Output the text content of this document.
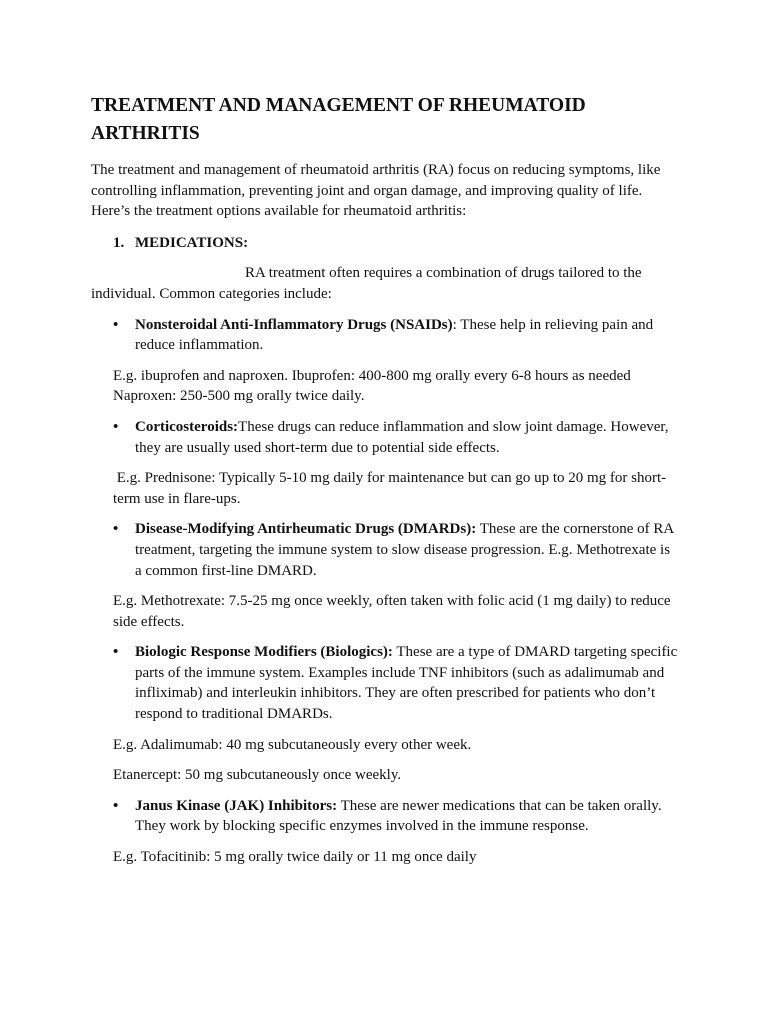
TREATMENT AND MANAGEMENT OF RHEUMATOID ARTHRITIS

The treatment and management of rheumatoid arthritis (RA) focus on reducing symptoms, like controlling inflammation, preventing joint and organ damage, and improving quality of life. Here’s the treatment options available for rheumatoid arthritis:

1. MEDICATIONS:

RA treatment often requires a combination of drugs tailored to the individual. Common categories include:

•	Nonsteroidal Anti-Inflammatory Drugs (NSAIDs): These help in relieving pain and reduce inflammation.

E.g. ibuprofen and naproxen. Ibuprofen: 400-800 mg orally every 6-8 hours as needed Naproxen: 250-500 mg orally twice daily.

•	Corticosteroids:These drugs can reduce inflammation and slow joint damage. However, they are usually used short-term due to potential side effects.

E.g. Prednisone: Typically 5-10 mg daily for maintenance but can go up to 20 mg for short-term use in flare-ups.

•	Disease-Modifying Antirheumatic Drugs (DMARDs): These are the cornerstone of RA treatment, targeting the immune system to slow disease progression. E.g. Methotrexate is a common first-line DMARD.

E.g. Methotrexate: 7.5-25 mg once weekly, often taken with folic acid (1 mg daily) to reduce side effects.

•	Biologic Response Modifiers (Biologics): These are a type of DMARD targeting specific parts of the immune system. Examples include TNF inhibitors (such as adalimumab and infliximab) and interleukin inhibitors. They are often prescribed for patients who don’t respond to traditional DMARDs.

E.g. Adalimumab: 40 mg subcutaneously every other week.

Etanercept: 50 mg subcutaneously once weekly.

•	Janus Kinase (JAK) Inhibitors: These are newer medications that can be taken orally. They work by blocking specific enzymes involved in the immune response.

E.g. Tofacitinib: 5 mg orally twice daily or 11 mg once daily
